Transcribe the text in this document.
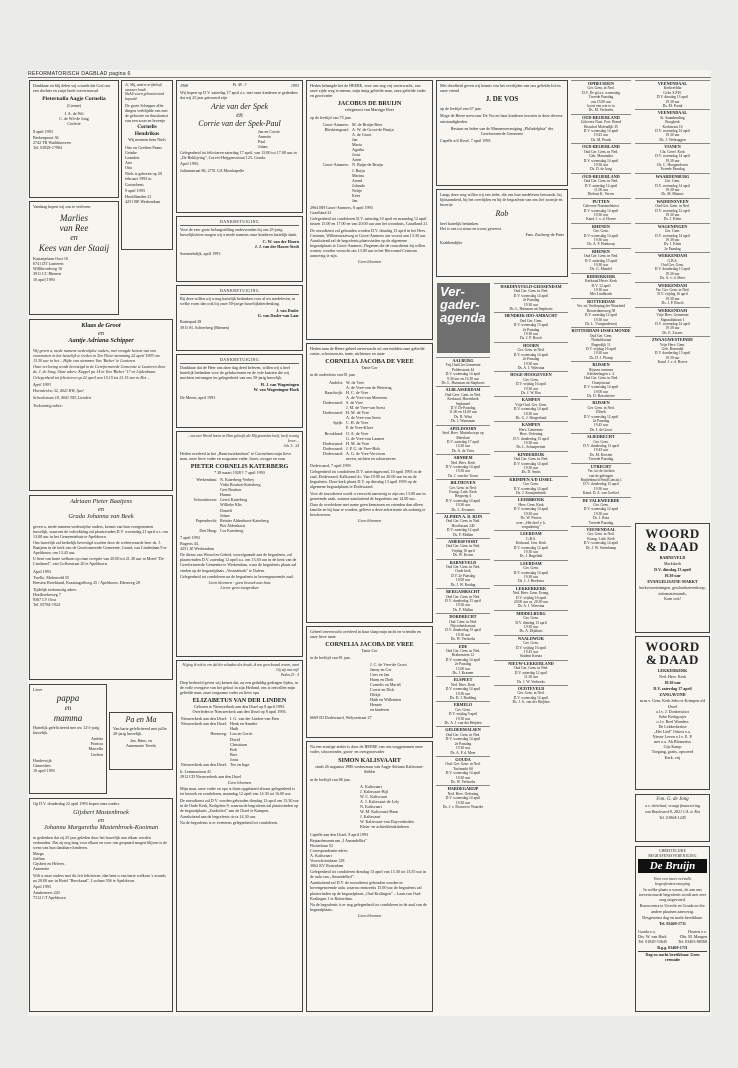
REFORMATORISCH DAGBLAD pagina 6

Dankbaar en blij delen wij u mede dat God ons een dochter en zusje heeft toevertrouwd

Pieternalla Aagje Cornelia
(Lienne)
J. A. de Wit
C. de Wit-de Jong
Corletie

8 april 1993

Berkenpoort 36
2742 TR Waddinxveen
Tel. 01828-17904

Vandaag hopen wij ons te verloven

Marlies
van Ree
en
Kees van der Staaij

Kastanjelaan Oost 16
6741 DT Lunteren
Willibrordweg 16
3911 CC Rhenen

10 april 1993

Je, Mij, andere urijhehaft wanneer baalt
HaAlt wiern gebeartoetend bepaald

De grote Schepper aller dingen verblijdde ons met de geboorte en thuiskomst van een zoon en broertje

Cornelis
Hendrikus

Wij noemen hem Niels

Otto en Gerdien Paans
Geinke
Leandert
Arts
Otto

Niels is geboren op 20 februari 1993 in Gorinchem.

9 april 1993

Hoofdlanden 21
4251 BE Werkendam

Klaas de Groot
en
Aantje Adriana Schipper

Wij geven u, mede namens wederzijdse ouders, met vreugde kennis van ons voornemen in het huwelijk te treden in Ten Vliete-stemming 22 april 1993 om 13.30 uur in het ...Hijke van stemmen Van 'Bieber' te Lunteren.

Onze verloving wordt bevestigd in de Gereformeerde Gemeente te Lunteren door ds. J. de Jong. Onze adres: Koppel pa 14 in Van 'Bieber' 17 en Lijdenbaan.

Gelegenheid tot feliciteren op 22 april van 15.15 tot 21.15 uur in Het ...

April 1993

Hoenderloo 32, 4021 RW, Ijzel

Schoolstraat 18, 4041 ND, Lienden

Toekomstig adres:

Adriaan Pieter Baaijens
en
Grada Johanna van Beek

geven u, mede namens wederzijdse ouders, kennis van hun voorgenomen huwelijk, waarvan de voltrekking zal plaatsvinden D.V. woensdag 21 april a.s. om 13.00 uur in het Gemeentehuis te Apeldoorn.

Ons huwelijk zal kerkelijk bevestigd worden door de weleerwaarde heer ds. J. Baaijens in de kerk van de Gereformeerde Gemeente, Grand, van Lindenlaan 9 te Apeldoorn, om 13.45 uur.

U bent van harte welkom op onze receptie van 20.00 tot 21.30 uur in Motel "De Cantharel", van Golfsestraat 20 te Apeldoorn.

April 1993

Twello, Molenveld 55
Beesten Broekland, Kraaiaagalfweg 25 / Apeldoorn, Edenweg 20

Tijdelijk toekomstig adres:
Hoefhoekeweg 7
8367 LV Oost
Tel. 05784-1924

Lieve

pappa
en
mamma

Hartelijk gefeliciteerd met uw 12½-jarig huwelijk.

Aniëtta
Patricia
Marcella
Gerlien

Harderwijk
Ginneshen
10 april 1993

Pa en Ma

Van harte gefeliciteerd met jullie 20-jarig huwelijk.

Jan, Hans, en
Annemarie Teerds

Op D.V. donderdag 22 april 1993 hopen onze ouders

Gijsbert Mastenbroek
en
Johanna Margaretha Mastenbroek-Kooiman

in gedenken dat zij 25 jaar geleden door het huwelijk aan elkaar werden verbonden. Dat zij nog lang voor elkaar en voor ons gespaard mogen blijven is de wens van hun dankbare kinderen.

Marga
Joëlina
Gijsbert en Heleen ,
Antonette

Wilt u onze ouders met dit feit feliciteren, dan bent u van harte welkom 's avonds na 20.00 uur in Hotel "Beeckzaal", Loolaan 556 te Apeldoorn.

April 1993

Annbeneers 243
7312 CT Apeldoorn

1968	Ps. 48 : 3	1993

Wij hopen op D.V. zaterdag 17 april a.s. met onze kinderen te gedenken dat wij 25 jaar getrouwd zijn

Arie van der Spek
en
Corrie van der Spek-Paul

Jan en Corrie
Annette
Paul
Johan

Gelegenheid tot feliciteren zaterdag 17 april, van 15.00 tot 17.00 uur in „De Beklijving", Corvet-Huijgensstraat 123, Gouda.

April 1993,

Julianastraat 86, 2751 GA Moerkapelle

DANKBETUIGING

Voor de zeer grote belangstelling ondervonden bij ons 25-jarig huwelijksfeest mogen wij u mede namens onze kinderen hartelijk dank.

C. W. van der Hoorn
J. J. van der Hoorn-Stedt

Sommelsdijk, april 1993

DANKBETUIGING

Bij deze willen wij u nog hartelijk bedanken voor al uw medeleven, in welke vorm dan ook bij onze 50-jarige huwelijksherdenking.

J. van Dasler
G. van Dasler-van Laar

Rutterpad 28
3911 SL Achterberg (Rhenen)

DANKBETUIGING

Dankbaar dat de Heer ons deze dag deed beleven, willen wij u heel hartelijk bedanken voor de gelukwensen en de vele kaarten die wij mochten ontvangen ter gelegenheid van ons 50-jarig huwelijk.

H. J. van Wageningen
W. van Wageningen-Hoek

De Meern, april 1993

... ons niet Woord horen en Hem geloofd, die Mij gezonden heeft, heeft eeuwig leven ...

Joh. 5 : 24

Heden overleed in het „Beatrixziekenhuis" te Gorinchem mijn lieve man, onze lieve vader en zorgzame vader, broer, zwager en oom

PIETER CORNELIS KATERBERG

* 28 maart 1928 † 7 april 1993

Werkendam: N. Katerberg-Verhey
Vidia Bouhon-Katerberg
Gert Bouhon
Hanna
Schoonhoven: Gerrit Katerberg
Willieke Klis
Danieli
Johan
Papendrecht: Reinier Aldenhorst-Katerberg
Piet Aldenhorst
Den Haag: Cor Katerberg

7 april 1993

Bugeris 44,
4251 JZ Werkendam

De dienst van Woord en Gebed, voorafgaande aan de begrafenis, zal plaatsvinden D.V. zaterdag 12 april a.s. om 13.30 uur in de kerk van de Gereformeerde Gemeente te Werkendam, waar de begrafenis plaats zal vinden op de begraafplaats „Vossenhoek" te Dalem.

Gelegenheid tot condoleren na de begrafenis in bovengenoemde zaal.

Geen bloemen - geen bezoek aan huis
Liever geen toespraken

Al ging ik ook in een dal der schaduw des doods, ik zou geen kwaad vrezen, want Gij zijt met mij!

Psalm 23 : 4

Diep bedroefd geven wij kennis dat, na een geduldig gedragen lijden, in de volle overgave van het geloof in zijn Heiland, ons is ontvallen mijn geliefde man, onze zorgzame vader en lieve opa

ELIZABETUS VAN DER LINDEN

Geboren te Nieuwerkerk aan den IJssel op 8 april 1993.
Overleden te Nieuwerkerk aan den IJssel op 8 april 1993.

Nieuwerkerk aan den IJssel: I. G. van der Linden-van Eten
Nieuwerkerk aan den IJssel: Henk en Anneke
Huib
Heenweg: Lou en Gerrit
David
Christiaan
Bob
Bert
Joost
Nieuwerkerk aan den IJssel: Teo en Inge

Ir. Lemmastraat 41
2912 CD Nieuwerkerk aan den IJssel

Geen bloemen

Mijn man, onze vader en opa is thuis opgebaard alwaar gelegenheid is tot bezoek en condoleren, maandag 12 april van 14.30 tot 16.00 uur.

De rouwdienst zal D.V. worden gehouden dinsdag 13 april om 13.30 uur in de Oude Kerk, Kerkplein 9, waarna de begrafenis zal plaatsvinden op de begraafplaats „Zuiderhof" aan de IJssel te Kampen.

Aansluitend aan de begrafenis circa 14.30 uur.

Na de begrafenis is er eveneens gelegenheid tot condoleren.

Heden behaagde het de HEERE, voor ons nog vrij onverwacht, van onze zijde weg te nemen, mijn innig geliefde man, onze geliefde vader en grootvader

JACOBUS DE BRUIJN

echtgenoot van Marrigje Boer

op de leeftijd van 75 jaar.

Groot-Ammers: M. de Bruijn-Boer
Bleskensgraaf: A. W. de Groot-de Bruijn
A. de Groot
Jan
Maria
Agatha
Joost
Arien
Groot-Ammers: N. Buijn-de Bruijn
J. Buijn
Marina
Arend
Jolanda
Neltje
Kees
Jan

2964 BH Groot-Ammers, 8 april 1993
Graafland 21

Gelegenheid tot condoleren D.V. zaterdag 10 april en maandag 12 april tussen 15.00 en 17.00 en van 20.00 uur aan het woonhuis, Graafland 21.

De rouwdienst zal gehouden worden D.V. dinsdag 13 april in het Herv. Centrum, Willemstraatweg te Groot-Ammers om vooraf aan 13.30 uur. Aansluitend zal de begrafenis plaatsvinden op de algemene begraafplaats te Groot-Ammers. Degenen die de rouwdienst bij willen wonen, worden verzocht om 13.00 uur in het Hervormd Centrum aanwezig te zijn.

Geen bloemen

Heden nam de Heere geheel onverwacht uit ons midden onze geliefde zuster, schoonzuster, tante, nichtenzo en tante

CORNELIA JACOBA DE VREE

Tante Cor

in de ouderdom van 81 jaar.

Andelst: W. de Vree
A. de Vree-van de Wetering
Baardwijk: H. C. de Vree
A. de Vree-van Meeteren
Dodewaard: S. de Vree
J. M. de Vree-van Soest
Dodewaard: H. M. de Vree
A. de Vree-van Soest
Spijk: C. H. de Vree
P. de Vree-Kloet
Brookland: O. A. de Vree
G. de Vree-van Laanen
Dodewaard: H. M. de Vree
Dodewaard: J. P. G. de Vree-Hols
Dodewaard: A. G. de Vree-Vervoorn
neven, nichten en achterneven

Dodewaard, 7 april 1993

Gelegenheid tot condoleren D.V. zaterdagavond, 10 april 1993 in de zaal, Dodewaard, Kalkwand 4c. Van 19.00 tot 20.00 uur en na de begrafenis. Deze kerk plaats D.V. op dinsdag 13 april 1993 op de algemene begraafplaats te Dodewaard.

Voor de rouwdienst wordt u verzocht aanwezig te zijn om 13.00 uur in genoemde zaak, waarna aansluitend de begrafenis om 14.00 uur.

Daar de overledene met name geen kennissen en vrienden dan alleen familie en bij haar te worden, gelieve u deze advertentie als zodanig te beschouwen.

Geen bloemen

Geheel onverwacht overleed in haar slaap mijn nicht en vriendin en onze lieve tante

CORNELIA JACOBA DE VREE

Tante Cor

in de leeftijd van 81 jaar.

J. C. de Vree-de Groot
Janny en Cor
Cees en Jan
Harm en Dieli
Cornelis en Mariël
Corrie en Dick
Dirkje
Huib en Willemien
Hennie
en kinderen

6669 DJ Dodewaard, Welysestraat 27

Na een ernstige ziekte is door de HEERE van ons weggenomen onze vader, schoonvader, groot- en overgrootvader

SIMON KALISVAART

sinds 26 augustus 1986 weduwnaar van Aagje Adriana Kalisvaart-Stöbbe

in de leeftijd van 86 jaar.

A. Kalisvaart
J. Kalisvaart-Bijl
W. C. Kalisvaart
A. J. Kalisvaart-de Lely
N. Kalisvaart
W. M. Kalisvaart-Baan
J. Kalisvaart
W. Kalisvaart-van Duyvenboden
Klein- en achterkleinkinderen

Capelle aan den IJssel, 8 april 1993

Bejaardencentrum „I Amandellita"
Fluiterlaan 52
Correspondentie-adres:
A. Kalisvaart
Voorschotenlaan 128
3062 KV Rotterdam

Gelegenheid tot condoleren dinsdag 13 april van 13.30 tot 13.55 uur in de aula van „Amandelhof".

Aansluitend zal D.V. de rouwdienst gehouden worden in bovengenoemde aula, waarna omstreeks 15.00 uur de begrafenis zal plaatsvinden op de begraafplaats „Oud Kralingen" – Laan van Oud-Kralingen 1 te Rotterdam.

Na de begrafenis is er nog gelegenheid tot condoleren in de zaal van de begraafplaats.

Geen bloemen

Met dreefheid geven wij kennis van het overlijden van ons geliefde lid en onze vriend

J. DE VOS

op de leeftijd van 67 jaar.

Moge de Heere mevrouw De Vos en haar kinderen troosten in deze diverse omstandigheden.

Bestuur en leden van de Mannenvereniging „Philadelphia" der Gereformeerde Gemeente

Capelle a/d IJssel, 7 april 1993

Langs deze weg willen wij een ieder, die ons hun medeleven betoonde, bij lijdzaamheid, bij het overlijden en bij de begrafenis van ons lief zoontje en broertje

Rob

heel hartelijk bedanken.
Het is ons tot steun en troost geweest.

Fam. Zuidweg-de Pater

Krabbendijke

Ver-
gader-
agenda
AALBURG
Vrij.Oud.Ger.Gemeente
Polderstraat 44
D.V. woensdag 14 april
9.30 uur en 14.30 uur
Ds. L. Huisman uit Staphorst
ALBLASSERDAM
Oud Gere. Gem. in Ned.
Kerkzaal, Havenkerk
Seplaneel
D.V. Dr-Paasdag
11.00 en 14.00 uur
Ds. B. Wüst
Ds. J. Wunsman
APELDOORN
Sted. Herv. Muziekcorps op Maerlant
D.V. zaterdag 17 april
14.30 uur
Ds. A. de Vries
ARNHEM
Ned. Herv. Kerk
D.V. woensdag 14 april
19.30 uur
Ds. J. van der Toorn
BILTHOVEN
Ger. Gem. in Ned.
Evang. Luth. Kerk
Bergweg 4
D.V. woensdag 14 april
19.30 uur
Ds. L. Kwantes
ALPHEN A. D. RIJN
Oud Ger. Gem. in Ned.
Hooftstraat 240
D.V. zaterdag 12 april
Ds. F. Mallan
AMERSFOORT
Oud Ger. Gem. in Ned.
Vrijdag 16 april
Ds. W. Kroon
BARNEVELD
Oud Ger. Gem. in Ned.
Oude kerk
D.V. 2e Paasdag
10.00 uur
Ds. J. W. Rotdag
BERGAMBACHT
Oud Ger. Gem. in Ned.
D.V. donderdag 15 april
19.30 uur
Ds. F. Mallan
DORDRECHT
Oud. Gem. in Ned.
Nijverheidsstraat
D.V. donderdag 15 april
19.30 uur
Ds. W. Verhoeks
EDE
Oud Ger. Gem. in Ned.
Brakenstein 12
D.V. woensdag 14 april
2e Paasdag
15.00 uur
Ds. J. Kraaner
ELSPEET
Ned. Herv. Kerk
D.V. woensdag 14 april
19.30 uur
Ds. D. J. Budding
ERMELO
Ger. Gem.
D.V. vrijdag 9 april
19.30 uur
Ds. A. J. van der Heijden
GELDERMALSEN
Oud Ger. Gem. in Ned.
D.V. woensdag 14 april
2e Paasdag
19.30 uur
Ds. A. P. d. Meer
GOUDA
Oud. Ger. Gem. in Ned.
Turfmarkt 60
D.V. woensdag 14 april
19.30 uur
Ds. W. Verhoeks
HARDEGARIJP
Ned. Herv. Oefening
D.V. woensdag 14 april
19.30 uur
Ds. J. v. Boosen te Waarder
HARDINXVELD-GIESSENDAM
Oud Ger. Gem. in Ned.
D.V. woensdag 14 april
2e Paasdag
19.30 uur
Ds. L. Huisman uit Staphorst
HENDRIK-IDO-AMBACHT
Oud Ger. Gem.
D.V. woensdag 13 april
2e Paasdag
19.30 uur
Ds. J. P. Bosch
HOORN
Ger. Gem. in Ned.
D.V. woensdag 14 april
2e Paasdag
19.30 uur
Ds. A. J. Wiersma
HOGE-HOOGEVEEN
Ger. Gem.
D.V. vrijdag 16 april
19.30 uur
Ds. J. W. Bos
KAMPEN
Vrije Oud. Ger. Gem.
D.V. woensdag 14 april
10.30 uur
Ds. G. J. Slingerland
KAMPEN
Herv. Gemeente
Herv. Oefening
D.V. donderdag 15 april
19.30 uur
Ds. L. Schaaprenter
KINDERDIJK
Oud Ger. Gem. in Ned.
D.V. woensdag 14 april
19.30 uur
Ds. D. Smits
KRIMPEN A/D IJSSEL
Ger. Gem.
D.V. woensdag 14 april
Ds. J. Kraaijenbrink
LEERBROEK
Herv. Gem. Kerk
D.V. woensdag 14 april
19.30 uur
Ds. W. Pieters
over: „Het doel v. k.
vergadering"
LEERDAM
G.B.S.
Kerkzaal, Gen. Kerk
D.V. woensdag 12 april
19.30 uur
Ds. J. Bugelink
LEERDAM
Ger. Gem.
D.V. woensdag 14 april
19.30 uur
Ds. J. J. Hoekstra
LEKKERKERK
Ned. Herv. Gem. Evang.
D.V. vrijdag 16 april
20.00 uur ca. 20.30 uur
Ds. A. J. Wiersma
MIDDELBURG
Ger. Gem.
D.V. dinsdag 13 april
19.30 uur
Ds. A. Dijkhuis
NAALDWIJK
Ger. Gem.
D.V. vrijdag 16 april
19.45 uur
Student Kreutz
NIEUW-LEKKERLAND
Oud Ger. Gem. in Ned.
D.V. zaterdag 12 april
11.30 uur
Ds. J. W. Verhoeks
OUDTEVELD
Ger. Gem. in Ned.
D.V. woensdag 14 april
Ds. J. A. van der Heijden
OPHEUSDEN
Ger. Gem. in Ned.
D.V. Dr-gd a.s. woensdag
Tweede Paasdag
om 15.00 uur
hoort een wie ie ta
Ds. M. Verhoeks
OUD-BEIJERLAND
Gelovere Nazi. Fort. Boerd
Beaufort Molendijk 35
D.V. woensdag 14 april
19.45 uur
Ds. M. Pronk
OUD-BEIJERLAND
Oud Ger. Gem. in Ned.
Geb. Maranatha
D.V. woensdag 14 april
19.30 uur
Ds. D. de Jong
OUD-BEIJERLAND
Oud Ger. Gem. in Ned.
D.V. zaterdag 12 april
11.00 uur
Diehuis K. Verver
PUTTEN
Gelovere Nazomelsbrist
D.V. woensdag 14 april
19.30 uur
Kand. J. v. d. Hoeve
RHENEN
Ger. Gem.
D.V. woensdag 14 april
19.30 uur
Ds. A. F. Honkoop
RHENEN
Oud Ger. Gem. in Ned.
D.V. zaterdag 15 april
19.30 uur
Ds. G. Mandel
RIDDERKERK
Kerkzaal Hervr. Kerk
D.V. 12 april
19.30 uur
Met Lindbroek
ROTTERDAM
Ver. tot Verdieping der Waarheid
Rosserdamsweg 58
D.V. zaterdag 12 april
19.30 uur
Ds. L. Vroegindeweij
ROTTERDAM-IJSSELMONDE
Oud Ger. Gem.
Thaboldstraat
Bogerdijk 11
D.V. vrijdag 16 april
19.30 uur
Ds. D. J. Plomp
RIJSSEN
Rijssen centrum
Irlesberlingen v. 4.
Oud Ger. Gem. in Ned.
Oranjestraat
D.V. woensdag 14 april
19.00 uur
Ds. D. Bosschieter
RIJSSEN
Ger. Gem. in Ned.
Elleeb
D.V. woensdag 12 april
2e Paasdag
19.45 uur
Ds. J. de Groot
SLIEDRECHT
Ger. Gem.
D.V. donderdag 13 april
19.45 uur
Ds. M. Kersten
Tweede Paasdag
UTRECHT
Ver. tot de stichtin
van de geleugen
Ruijtenburch/Smi(Consist.)
D.V. donderdag 15 april
19.30 uur
Kand. D. A. van Gerloef
DE VALKWEERDE
Ger. Gem.
D.V. woensdag 12 april
19.30 uur
Ds. J. Rota
Tweede Paasdag
VEENENDAAL
Ger. Gem. in Ned.
Evang. Luth. Kerk
D.V. woensdag 14 april
Ds. J. W. Steenkamp
VEENENDAAL
Kerkverbliz
Gebr. S.P.H.
D.V. dinsdag 13 april
19.30 uur
Ds. M. Pronk
VEENENDAAL
St. Saambinding
Boogkerk
Kerkstraat 16
D.V. woensdag 14 april
19.30 uur
Ds. J. Verbruggen
VIANEN
Chr. Geref. Kerk
D.V. woensdag 14 april
19.30 uur
Ds. C. Hoogendoorn
Tweede Paasdag
WAARDENBURG
Ger. Gem.
D.V. woensdag 14 april
19.30 uur
Ds. M. Blaauw
WADDINXVEEN
Oud Ger. Gem. in Ned.
D.V. woensdag 12 april
19.30 uur
Ds. J. Klein
WAGENINGEN
Ger. Gem.
D.V. woensdag 14 april
19.30 uur
Ds. J. Klein
2e Paasdag
WERKENDAM
G.B.S.
Oud Ger. Gem.
D.V. donderdag 13 april
19.30 uur
Ds. A. v. d. Meer
WERKENDAM
Ver. Ger. Gem. in Ned.
D.V. vrijdag 16 april
19.30 uur
Ds. J. P. Bosch
WERKENDAM
Vrije Herv. Gemeente
Signaaldatraat 1
D.V. woensdag 14 april
19.30 uur
Ds. E. Zwarts
ZWAAGWESTEINDE
Vrije Herv. Gem.
Geb. Rosendal
D.V. donderdag 15 april
19.30 uur
Kand. J. v. d. Hoeve
WOORD
& DAAD

BARNEVELD

Marktkerk

D.V. dinsdag 13 april

19.30 uur

EVANGELISATIE-MARKT

kerkvoorzieningen, geschenkenverkoop, informatiestands,
Kom ook!

WOORD
& DAAD

LEKKERKERK

Ned. Herv. Kerk

19.30 uur

D.V. zaterdag 17 april

ZANGAVOND

m.m.v. Gem. Kerk Sebo te Krimpen a/d IJssel
a.l.v. J. Donkersloot
Sobo Kerkgosjer
o.l.v. Roel Wanders
De Lekkerkerkse
„Het Lied" Orkest o.a.
Nieuw Leven o.l.v. E. P.
met o.a. Ab Blomerius
Gijs Kamp
Toegang, gratis, opwoerd
Kerk. vrij

Fon. G. de Jong

o.v. dertchad, vraagt financiering

van Boulevard 8, 2821 CA. te Rot

Tel. 01864-1245

CHRISTELIJKE BEGRAFENISVERENIGING

De Bruijn

Voor een meer eervolle begrafenisverzorging

In welke plaats u woont, de aan ons toevertrouwde begrafenis wordt met zeer zorg uitgevoerd.

Rouwcentra te Utrecht en Gouda en div. andere plaatsen aanwezig.

Desgewenst dag en nacht bereikbaar.

Tel. 03469-1711

Gouda e.o.
Drs. W. van Hark
Tel. 01820-15645

Houten e.o.
Dhr. M. Maagen
Tel. 03403-88568

B.g.g. 03469-1711

Dag en nacht bereikbaar. Geen crematie
